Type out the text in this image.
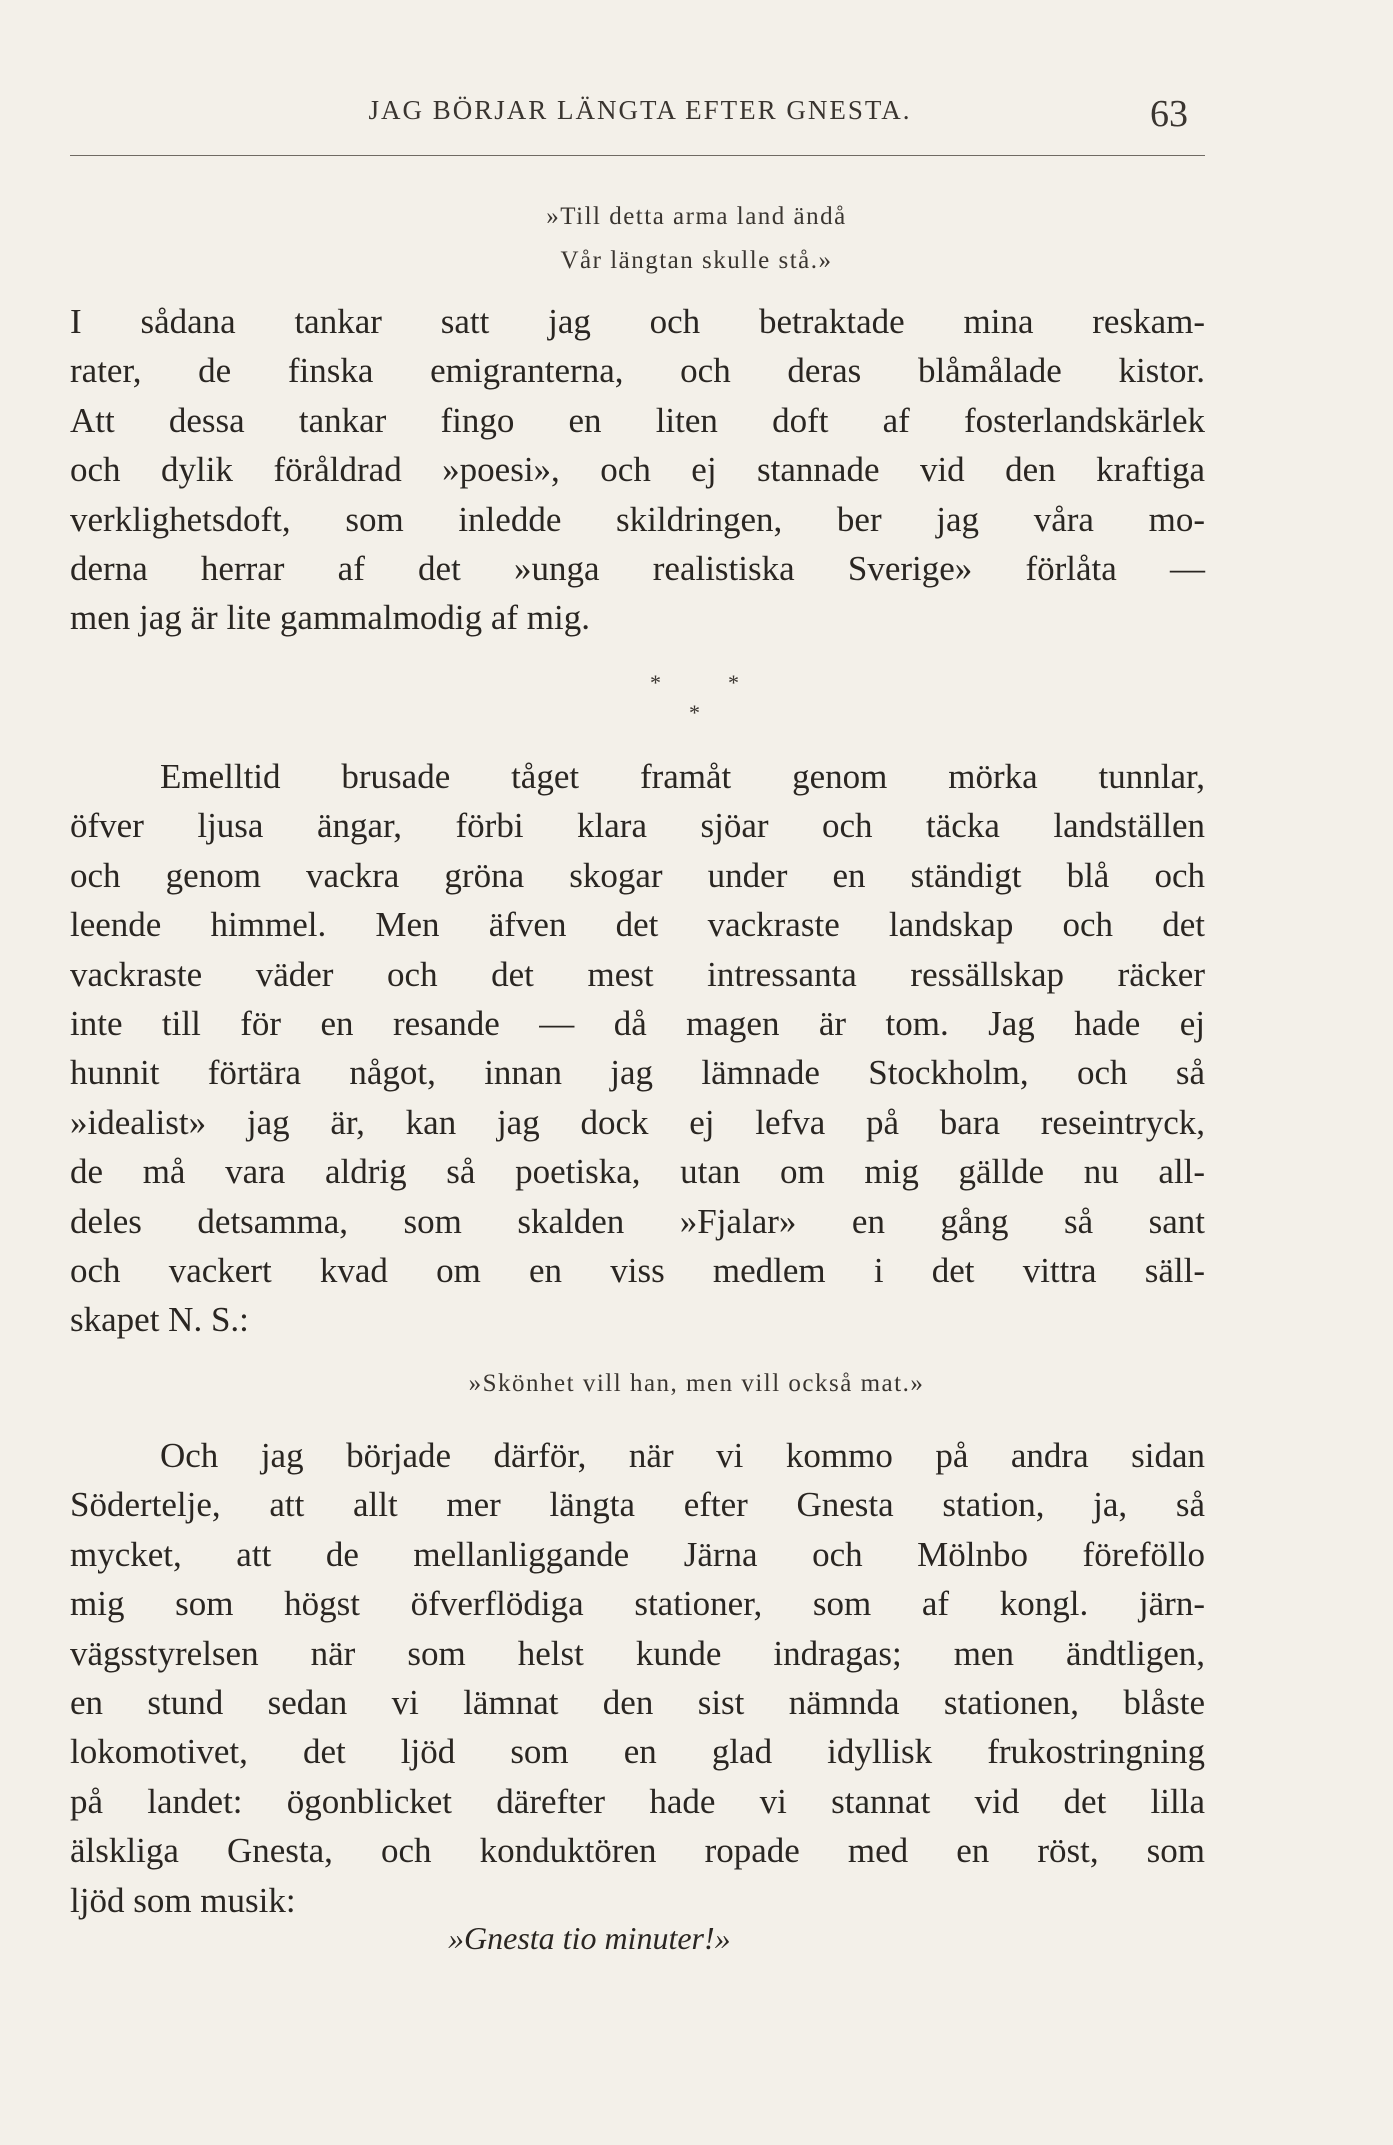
JAG BÖRJAR LÄNGTA EFTER GNESTA.	63
»Till detta arma land ändå
Vår längtan skulle stå.»
I sådana tankar satt jag och betraktade mina reskam-
rater, de finska emigranterna, och deras blåmålade kistor.
Att dessa tankar fingo en liten doft af fosterlandskärlek
och dylik föråldrad »poesi», och ej stannade vid den kraftiga
verklighetsdoft, som inledde skildringen, ber jag våra mo-
derna herrar af det »unga realistiska Sverige» förlåta —
men jag är lite gammalmodig af mig.
*	*
*
Emelltid brusade tåget framåt genom mörka tunnlar,
öfver ljusa ängar, förbi klara sjöar och täcka landställen
och genom vackra gröna skogar under en ständigt blå och
leende himmel. Men äfven det vackraste landskap och det
vackraste väder och det mest intressanta ressällskap räcker
inte till för en resande — då magen är tom. Jag hade ej
hunnit förtära något, innan jag lämnade Stockholm, och så
»idealist» jag är, kan jag dock ej lefva på bara reseintryck,
de må vara aldrig så poetiska, utan om mig gällde nu all-
deles detsamma, som skalden »Fjalar» en gång så sant
och vackert kvad om en viss medlem i det vittra säll-
skapet N. S.:
»Skönhet vill han, men vill också mat.»
Och jag började därför, när vi kommo på andra sidan
Södertelje, att allt mer längta efter Gnesta station, ja, så
mycket, att de mellanliggande Järna och Mölnbo föreföllo
mig som högst öfverflödiga stationer, som af kongl. järn-
vägsstyrelsen när som helst kunde indragas; men ändtligen,
en stund sedan vi lämnat den sist nämnda stationen, blåste
lokomotivet, det ljöd som en glad idyllisk frukostringning
på landet: ögonblicket därefter hade vi stannat vid det lilla
älskliga Gnesta, och konduktören ropade med en röst, som
ljöd som musik:
»Gnesta tio minuter!»
